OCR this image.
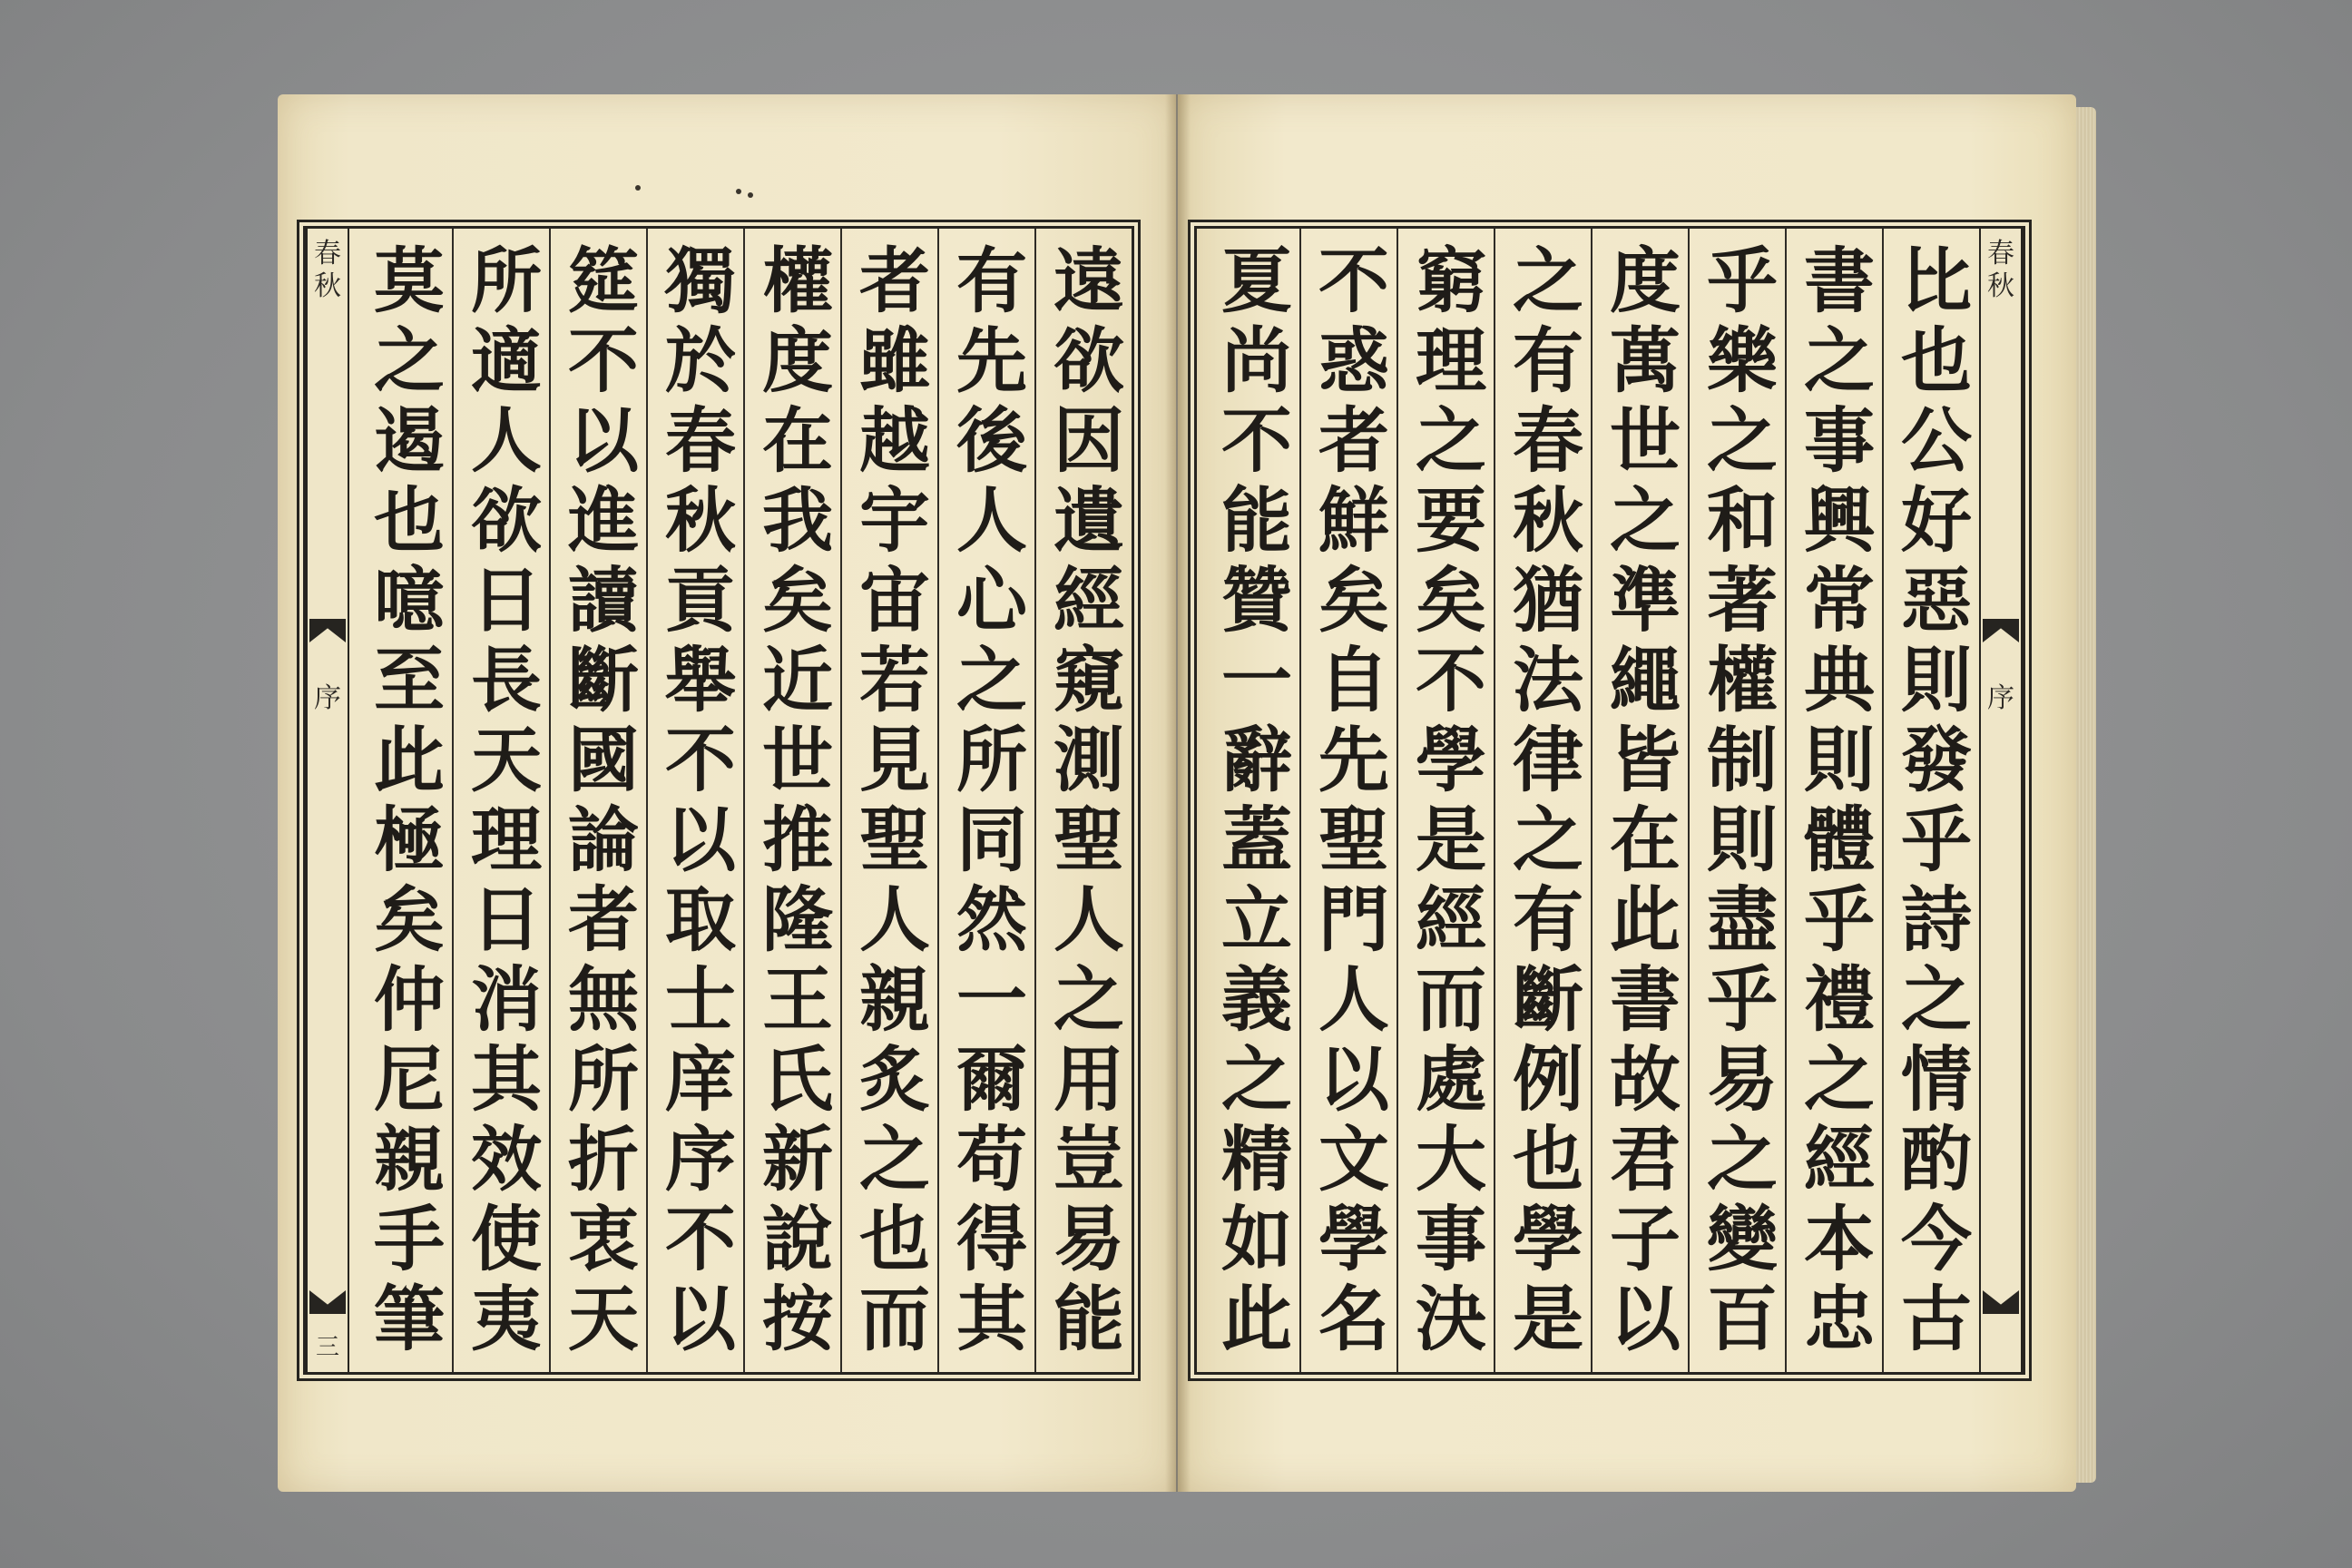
春秋
序
三
遠欲因遺經窺測聖人之用豈易能
有先後人心之所同然一爾苟得其
者雖越宇宙若見聖人親炙之也而
權度在我矣近世推隆王氏新說按
獨於春秋貢舉不以取士庠序不以
筵不以進讀斷國論者無所折衷天
所適人欲日長天理日消其效使夷
莫之遏也噫至此極矣仲尼親手筆
比也公好惡則發乎詩之情酌今古
書之事興常典則體乎禮之經本忠
乎樂之和著權制則盡乎易之變百
度萬世之準繩皆在此書故君子以
之有春秋猶法律之有斷例也學是
窮理之要矣不學是經而處大事決
不惑者鮮矣自先聖門人以文學名
夏尚不能贊一辭蓋立義之精如此
春秋
序
